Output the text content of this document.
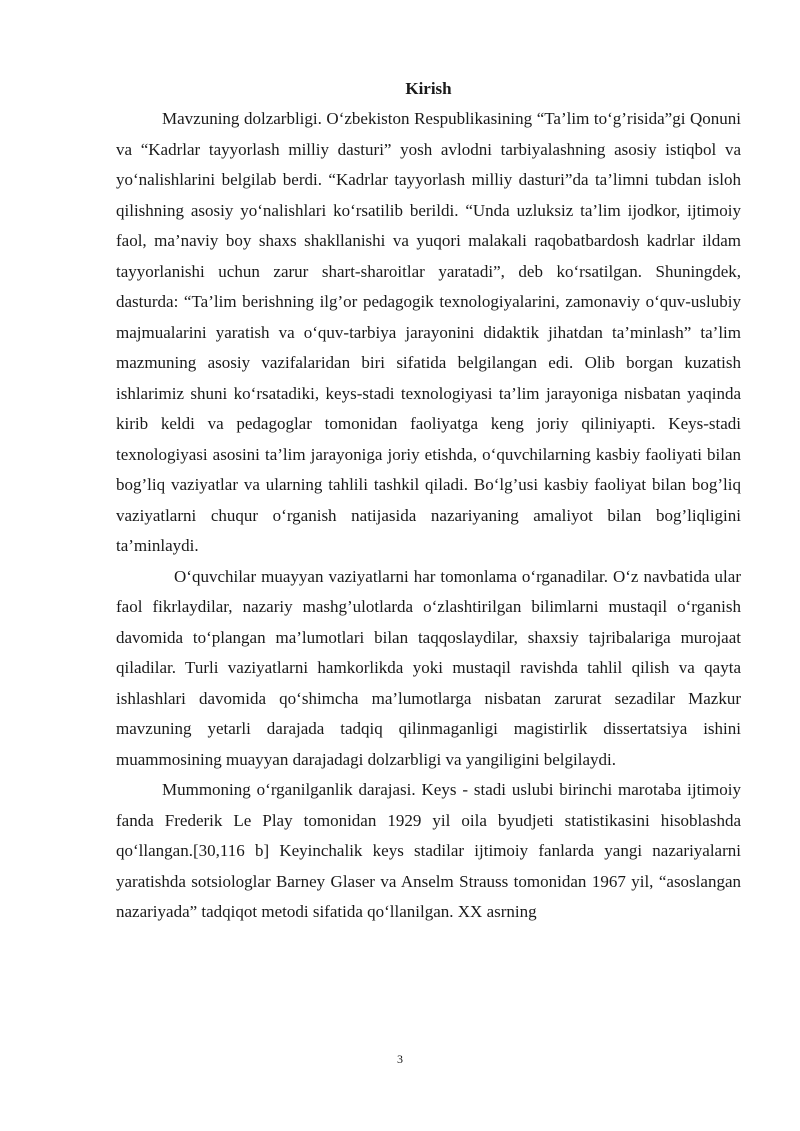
Kirish

Mavzuning dolzarbligi. O‘zbekiston Respublikasining “Ta’lim to‘g’risida”gi Qonuni va “Kadrlar tayyorlash milliy dasturi” yosh avlodni tarbiyalashning asosiy istiqbol va yo‘nalishlarini belgilab berdi. “Kadrlar tayyorlash milliy dasturi”da ta’limni tubdan isloh qilishning asosiy yo‘nalishlari ko‘rsatilib berildi. “Unda uzluksiz ta’lim ijodkor, ijtimoiy faol, ma’naviy boy shaxs shakllanishi va yuqori malakali raqobatbardosh kadrlar ildam tayyorlanishi uchun zarur shart-sharoitlar yaratadi”, deb ko‘rsatilgan. Shuningdek, dasturda: “Ta’lim berishning ilg’or pedagogik texnologiyalarini, zamonaviy o‘quv-uslubiy majmualarini yaratish va o‘quv-tarbiya jarayonini didaktik jihatdan ta’minlash” ta’lim mazmuning asosiy vazifalaridan biri sifatida belgilangan edi. Olib borgan kuzatish ishlarimiz shuni ko‘rsatadiki, keys-stadi texnologiyasi ta’lim jarayoniga nisbatan yaqinda kirib keldi va pedagoglar tomonidan faoliyatga keng joriy qiliniyapti. Keys-stadi texnologiyasi asosini ta’lim jarayoniga joriy etishda, o‘quvchilarning kasbiy faoliyati bilan bog’liq vaziyatlar va ularning tahlili tashkil qiladi. Bo‘lg’usi kasbiy faoliyat bilan bog’liq vaziyatlarni chuqur o‘rganish natijasida nazariyaning amaliyot bilan bog’liqligini ta’minlaydi.

O‘quvchilar muayyan vaziyatlarni har tomonlama o‘rganadilar. O‘z navbatida ular faol fikrlaydilar, nazariy mashg’ulotlarda o‘zlashtirilgan bilimlarni mustaqil o‘rganish davomida to‘plangan ma’lumotlari bilan taqqoslaydilar, shaxsiy tajribalariga murojaat qiladilar. Turli vaziyatlarni hamkorlikda yoki mustaqil ravishda tahlil qilish va qayta ishlashlari davomida qo‘shimcha ma’lumotlarga nisbatan zarurat sezadilar Mazkur mavzuning yetarli darajada tadqiq qilinmaganligi magistirlik dissertatsiya ishini muammosining muayyan darajadagi dolzarbligi va yangiligini belgilaydi.

Mummoning o‘rganilganlik darajasi. Keys - stadi uslubi birinchi marotaba ijtimoiy fanda Frederik Le Play tomonidan 1929 yil oila byudjeti statistikasini hisoblashda qo‘llangan.[30,116 b] Keyinchalik keys stadilar ijtimoiy fanlarda yangi nazariyalarni yaratishda sotsiologlar Barney Glaser va Anselm Strauss tomonidan 1967 yil, “asoslangan nazariyada” tadqiqot metodi sifatida qo‘llanilgan. XX asrning

3
